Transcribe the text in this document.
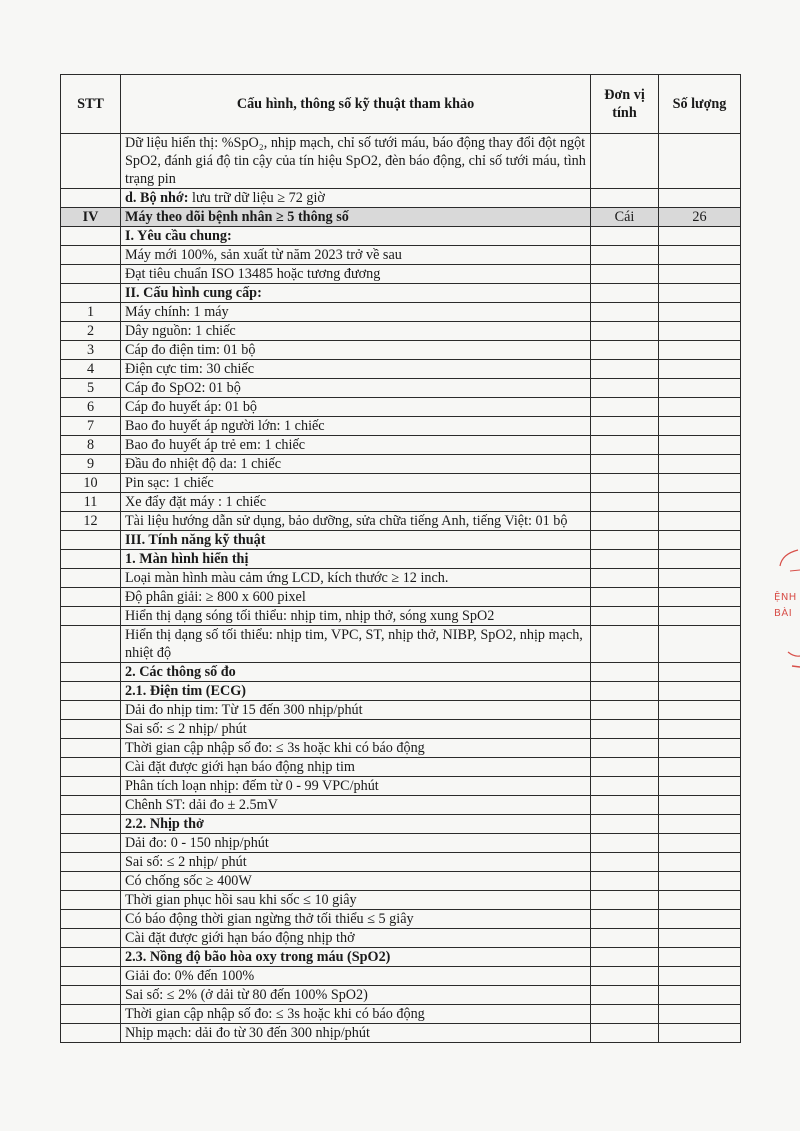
STT	Cấu hình, thông số kỹ thuật tham khảo	Đơn vị tính	Số lượng
	Dữ liệu hiển thị: %SpO₂, nhịp mạch, chỉ số tưới máu, báo động thay đổi đột ngột SpO2, đánh giá độ tin cậy của tín hiệu SpO2, đèn báo động, chỉ số tưới máu, tình trạng pin		
	d. Bộ nhớ: lưu trữ dữ liệu ≥ 72 giờ		
IV	Máy theo dõi bệnh nhân ≥ 5 thông số	Cái	26
	I. Yêu cầu chung:		
	Máy mới 100%, sản xuất từ năm 2023 trở về sau		
	Đạt tiêu chuẩn ISO 13485 hoặc tương đương		
	II. Cấu hình cung cấp:		
1	Máy chính: 1 máy		
2	Dây nguồn: 1 chiếc		
3	Cáp đo điện tim: 01 bộ		
4	Điện cực tim: 30 chiếc		
5	Cáp đo SpO2: 01 bộ		
6	Cáp đo huyết áp: 01 bộ		
7	Bao đo huyết áp người lớn: 1 chiếc		
8	Bao đo huyết áp trẻ em: 1 chiếc		
9	Đầu đo nhiệt độ da: 1 chiếc		
10	Pin sạc: 1 chiếc		
11	Xe đẩy đặt máy : 1 chiếc		
12	Tài liệu hướng dẫn sử dụng, bảo dưỡng, sửa chữa tiếng Anh, tiếng Việt: 01 bộ		
	III. Tính năng kỹ thuật		
	1. Màn hình hiển thị		
	Loại màn hình màu cảm ứng LCD, kích thước ≥ 12 inch.		
	Độ phân giải: ≥ 800 x 600 pixel		
	Hiển thị dạng sóng tối thiểu: nhịp tim, nhịp thở, sóng xung SpO2		
	Hiển thị dạng số tối thiểu: nhịp tim, VPC, ST, nhịp thở, NIBP, SpO2, nhịp mạch, nhiệt độ		
	2. Các thông số đo		
	2.1. Điện tim (ECG)		
	Dải đo nhịp tim: Từ 15 đến 300 nhịp/phút		
	Sai số: ≤ 2 nhịp/ phút		
	Thời gian cập nhập số đo: ≤ 3s hoặc khi có báo động		
	Cài đặt được giới hạn báo động nhịp tim		
	Phân tích loạn nhịp: đếm từ 0 - 99 VPC/phút		
	Chênh ST: dải đo ± 2.5mV		
	2.2. Nhịp thở		
	Dải đo: 0 - 150 nhịp/phút		
	Sai số: ≤ 2 nhịp/ phút		
	Có chống sốc ≥ 400W		
	Thời gian phục hồi sau khi sốc ≤ 10 giây		
	Có báo động thời gian ngừng thở tối thiểu ≤ 5 giây		
	Cài đặt được giới hạn báo động nhịp thở		
	2.3. Nồng độ bão hòa oxy trong máu (SpO2)		
	Giải đo: 0% đến 100%		
	Sai số: ≤ 2% (ở dải từ 80 đến 100% SpO2)		
	Thời gian cập nhập số đo: ≤ 3s hoặc khi có báo động		
	Nhịp mạch: dải đo từ 30 đến 300 nhịp/phút		
ỆNH
BÀI
